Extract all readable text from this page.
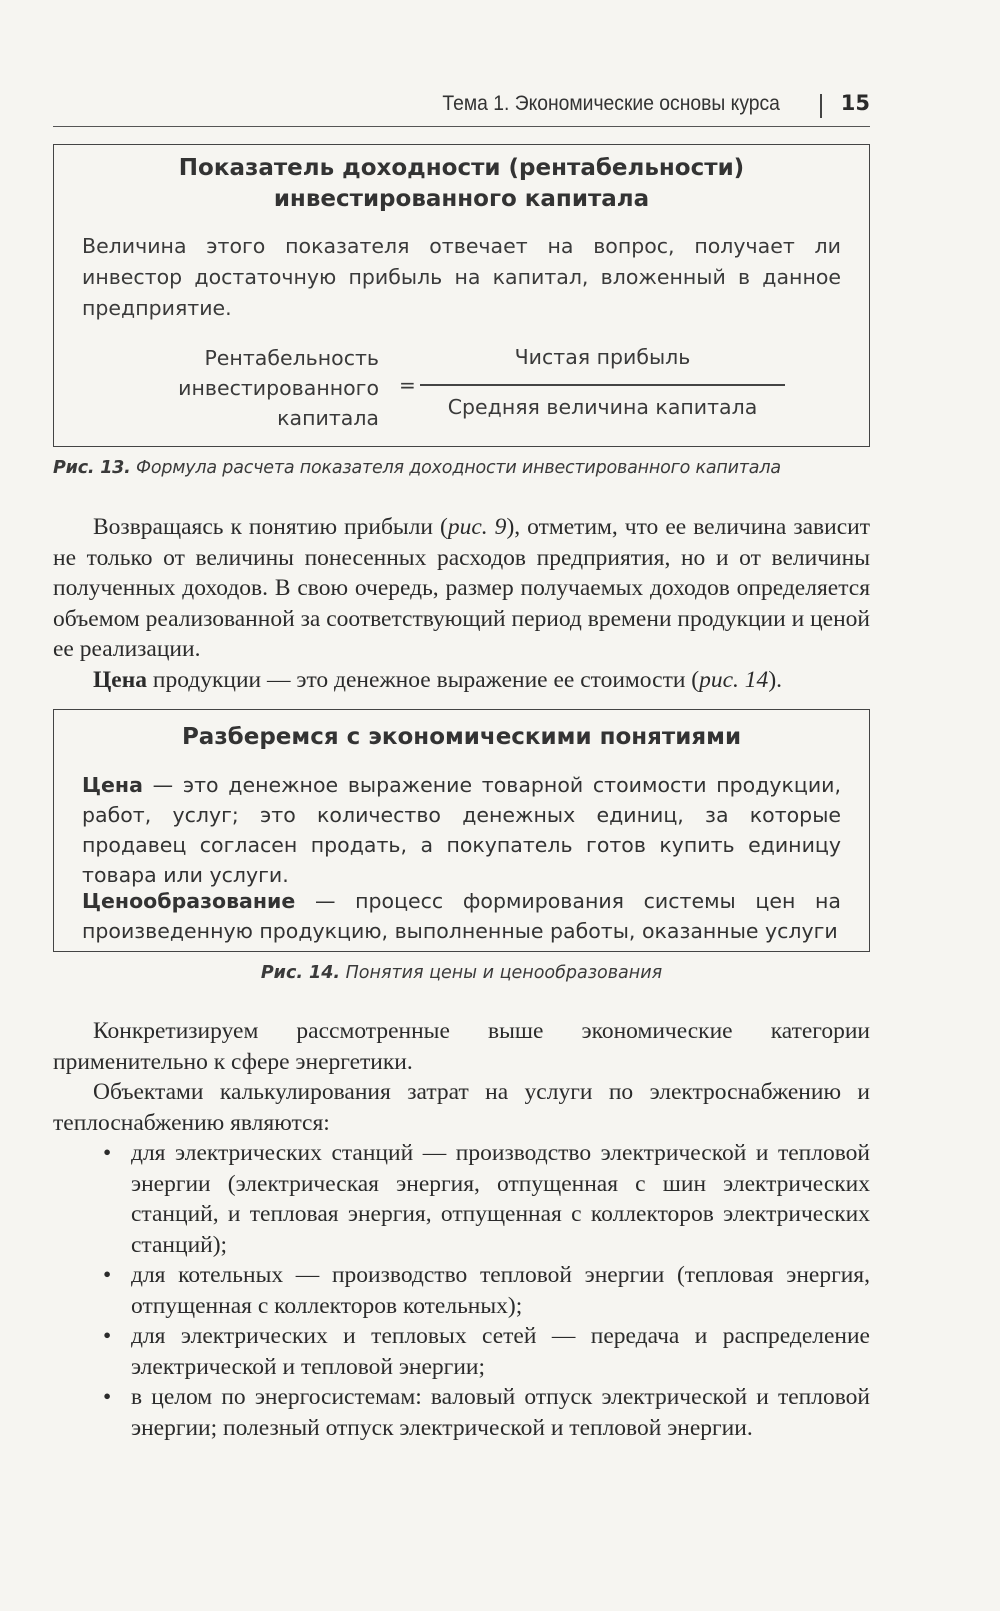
Тема 1. Экономические основы курса	15
Показатель доходности (рентабельности)
инвестированного капитала
Величина этого показателя отвечает на вопрос, получает ли инвестор достаточную прибыль на капитал, вложенный в данное предприятие.
Рентабельность
инвестированного
капитала
=
Чистая прибыль
Средняя величина капитала
Рис. 13. Формула расчета показателя доходности инвестированного капитала
Возвращаясь к понятию прибыли (рис. 9), отметим, что ее величина зависит не только от величины понесенных расходов предприятия, но и от величины полученных доходов. В свою очередь, размер получаемых доходов определяется объемом реализованной за соответствующий период времени продукции и ценой ее реализации.
Цена продукции — это денежное выражение ее стоимости (рис. 14).
Разберемся с экономическими понятиями
Цена — это денежное выражение товарной стоимости продукции, работ, услуг; это количество денежных единиц, за которые продавец согласен продать, а покупатель готов купить единицу товара или услуги.
Ценообразование — процесс формирования системы цен на произведенную продукцию, выполненные работы, оказанные услуги
Рис. 14. Понятия цены и ценообразования
Конкретизируем рассмотренные выше экономические категории применительно к сфере энергетики.
Объектами калькулирования затрат на услуги по электроснабжению и теплоснабжению являются:
• для электрических станций — производство электрической и тепловой энергии (электрическая энергия, отпущенная с шин электрических станций, и тепловая энергия, отпущенная с коллекторов электрических станций);
• для котельных — производство тепловой энергии (тепловая энергия, отпущенная с коллекторов котельных);
• для электрических и тепловых сетей — передача и распределение электрической и тепловой энергии;
• в целом по энергосистемам: валовый отпуск электрической и тепловой энергии; полезный отпуск электрической и тепловой энергии.
